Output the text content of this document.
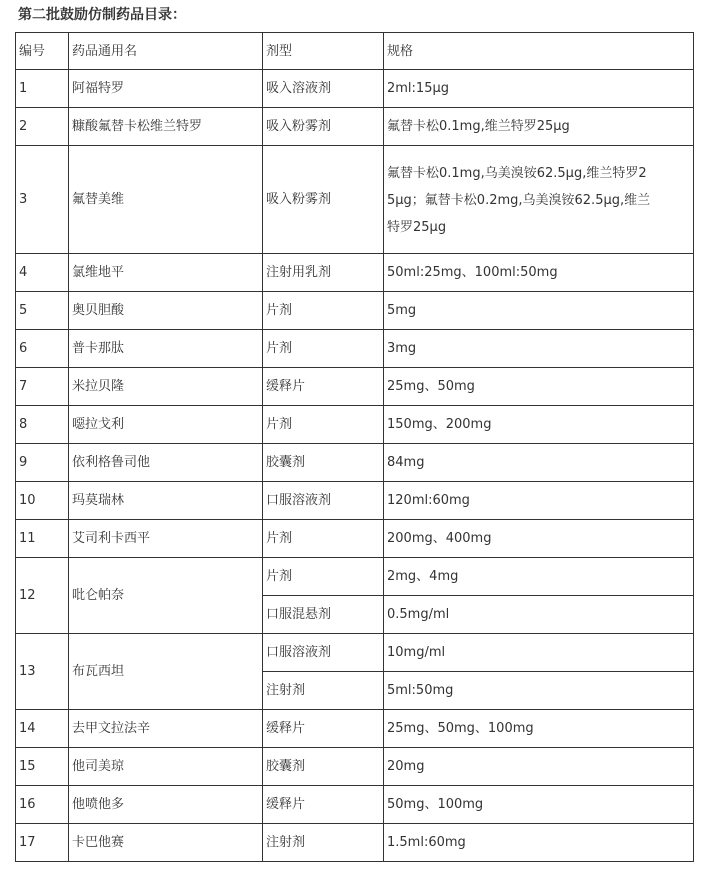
第二批鼓励仿制药品目录：
编号	药品通用名	剂型	规格
1	阿福特罗	吸入溶液剂	2ml:15μg
2	糠酸氟替卡松维兰特罗	吸入粉雾剂	氟替卡松0.1mg,维兰特罗25μg
3	氟替美维	吸入粉雾剂	氟替卡松0.1mg,乌美溴铵62.5μg,维兰特罗2
5μg；氟替卡松0.2mg,乌美溴铵62.5μg,维兰
特罗25μg

4	氯维地平	注射用乳剂	50ml:25mg、100ml:50mg
5	奥贝胆酸	片剂	5mg
6	普卡那肽	片剂	3mg
7	米拉贝隆	缓释片	25mg、50mg
8	噁拉戈利	片剂	150mg、200mg
9	依利格鲁司他	胶囊剂	84mg
10	玛莫瑞林	口服溶液剂	120ml:60mg
11	艾司利卡西平	片剂	200mg、400mg
12	吡仑帕奈	片剂	2mg、4mg
		口服混悬剂	0.5mg/ml
13	布瓦西坦	口服溶液剂	10mg/ml
		注射剂	5ml:50mg
14	去甲文拉法辛	缓释片	25mg、50mg、100mg
15	他司美琼	胶囊剂	20mg
16	他喷他多	缓释片	50mg、100mg
17	卡巴他赛	注射剂	1.5ml:60mg
